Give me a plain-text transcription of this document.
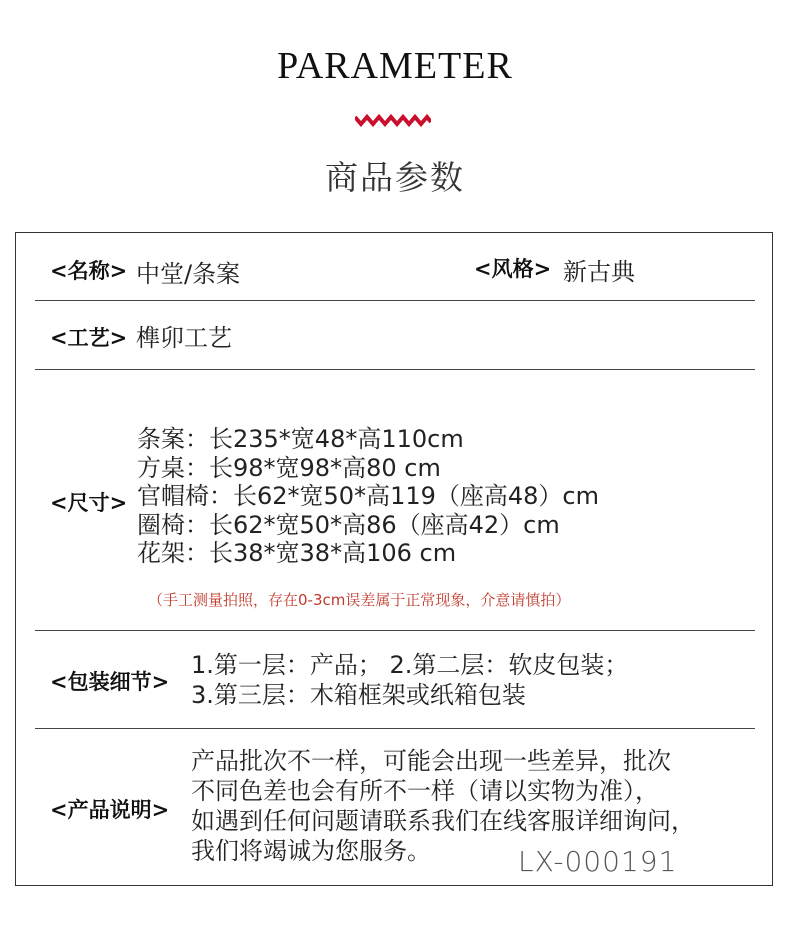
PARAMETER
商品参数
<名称> 中堂/条案	<风格> 新古典
<工艺> 榫卯工艺
<尺寸>
条案：长235*宽48*高110cm
方桌：长98*宽98*高80 cm
官帽椅：长62*宽50*高119（座高48）cm
圈椅：长62*宽50*高86（座高42）cm
花架：长38*宽38*高106 cm
（手工测量拍照，存在0-3cm误差属于正常现象，介意请慎拍）
<包装细节>
1.第一层：产品； 2.第二层：软皮包装；
3.第三层：木箱框架或纸箱包装
<产品说明>
产品批次不一样，可能会出现一些差异，批次
不同色差也会有所不一样（请以实物为准），
如遇到任何问题请联系我们在线客服详细询问，
我们将竭诚为您服务。	LX-000191
